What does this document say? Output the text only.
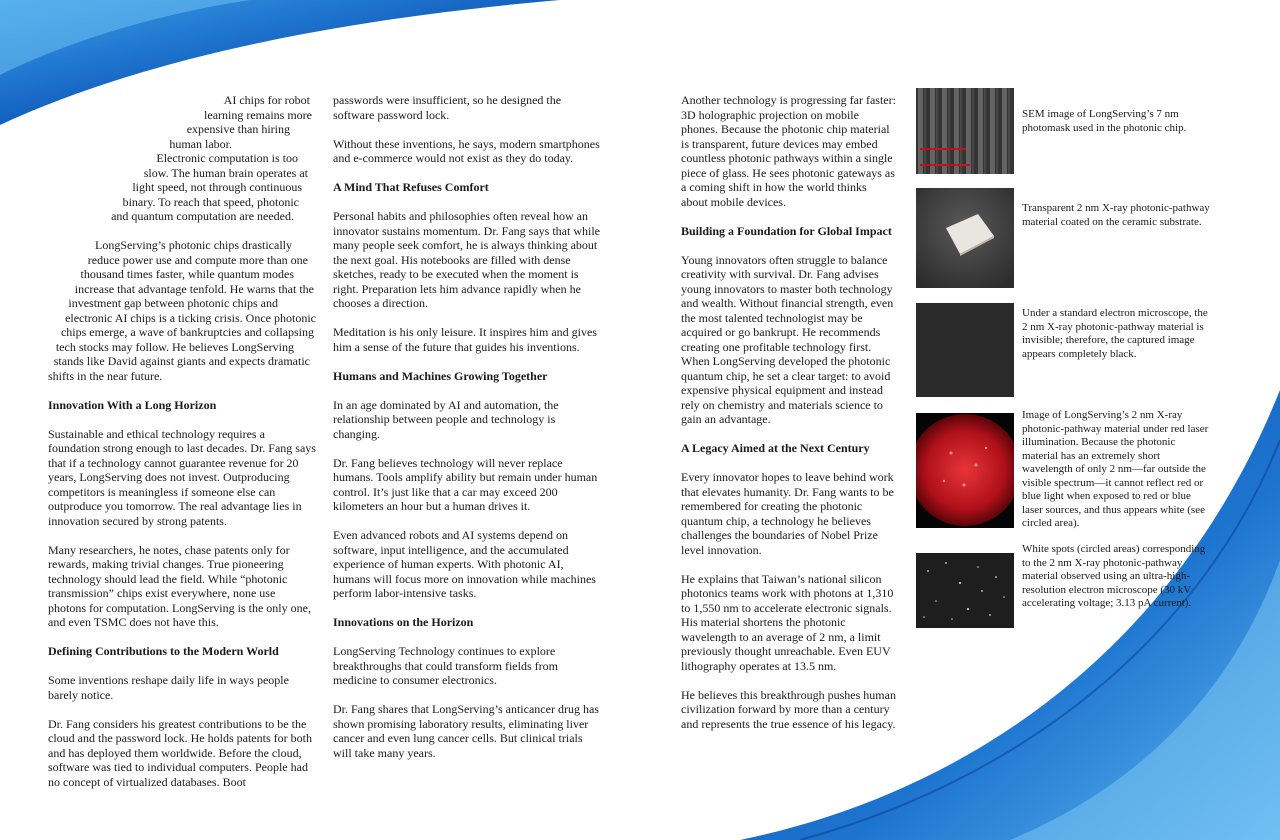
AI chips for robot
learning remains more
expensive than hiring
human labor.
Electronic computation is too
slow. The human brain operates at
light speed, not through continuous
binary. To reach that speed, photonic
and quantum computation are needed.

LongServing’s photonic chips drastically
reduce power use and compute more than one
thousand times faster, while quantum modes
increase that advantage tenfold. He warns that the
investment gap between photonic chips and
electronic AI chips is a ticking crisis. Once photonic
chips emerge, a wave of bankruptcies and collapsing
tech stocks may follow. He believes LongServing
stands like David against giants and expects dramatic
shifts in the near future.

Innovation With a Long Horizon

Sustainable and ethical technology requires a foundation strong enough to last decades. Dr. Fang says that if a technology cannot guarantee revenue for 20 years, LongServing does not invest. Outproducing competitors is meaningless if someone else can outproduce you tomorrow. The real advantage lies in innovation secured by strong patents.

Many researchers, he notes, chase patents only for rewards, making trivial changes. True pioneering technology should lead the field. While “photonic transmission” chips exist everywhere, none use photons for computation. LongServing is the only one, and even TSMC does not have this.

Defining Contributions to the Modern World

Some inventions reshape daily life in ways people barely notice.

Dr. Fang considers his greatest contributions to be the cloud and the password lock. He holds patents for both and has deployed them worldwide. Before the cloud, software was tied to individual computers. People had no concept of virtualized databases. Boot

passwords were insufficient, so he designed the software password lock.

Without these inventions, he says, modern smartphones and e-commerce would not exist as they do today.

A Mind That Refuses Comfort

Personal habits and philosophies often reveal how an innovator sustains momentum. Dr. Fang says that while many people seek comfort, he is always thinking about the next goal. His notebooks are filled with dense sketches, ready to be executed when the moment is right. Preparation lets him advance rapidly when he chooses a direction.

Meditation is his only leisure. It inspires him and gives him a sense of the future that guides his inventions.

Humans and Machines Growing Together

In an age dominated by AI and automation, the relationship between people and technology is changing.

Dr. Fang believes technology will never replace humans. Tools amplify ability but remain under human control. It’s just like that a car may exceed 200 kilometers an hour but a human drives it.

Even advanced robots and AI systems depend on software, input intelligence, and the accumulated experience of human experts. With photonic AI, humans will focus more on innovation while machines perform labor-intensive tasks.

Innovations on the Horizon

LongServing Technology continues to explore breakthroughs that could transform fields from medicine to consumer electronics.

Dr. Fang shares that LongServing’s anticancer drug has shown promising laboratory results, eliminating liver cancer and even lung cancer cells. But clinical trials will take many years.

Another technology is progressing far faster: 3D holographic projection on mobile phones. Because the photonic chip material is transparent, future devices may embed countless photonic pathways within a single piece of glass. He sees photonic gateways as a coming shift in how the world thinks about mobile devices.

Building a Foundation for Global Impact

Young innovators often struggle to balance creativity with survival. Dr. Fang advises young innovators to master both technology and wealth. Without financial strength, even the most talented technologist may be acquired or go bankrupt. He recommends creating one profitable technology first.

When LongServing developed the photonic quantum chip, he set a clear target: to avoid expensive physical equipment and instead rely on chemistry and materials science to gain an advantage.

A Legacy Aimed at the Next Century

Every innovator hopes to leave behind work that elevates humanity. Dr. Fang wants to be remembered for creating the photonic quantum chip, a technology he believes challenges the boundaries of Nobel Prize level innovation.

He explains that Taiwan’s national silicon photonics teams work with photons at 1,310 to 1,550 nm to accelerate electronic signals. His material shortens the photonic wavelength to an average of 2 nm, a limit previously thought unreachable. Even EUV lithography operates at 13.5 nm.

He believes this breakthrough pushes human civilization forward by more than a century and represents the true essence of his legacy.

SEM image of LongServing’s 7 nm photomask used in the photonic chip.
Transparent 2 nm X-ray photonic-pathway material coated on the ceramic substrate.
Under a standard electron microscope, the 2 nm X-ray photonic-pathway material is invisible; therefore, the captured image appears completely black.
Image of LongServing’s 2 nm X-ray photonic-pathway material under red laser illumination. Because the photonic material has an extremely short wavelength of only 2 nm—far outside the visible spectrum—it cannot reflect red or blue light when exposed to red or blue laser sources, and thus appears white (see circled area).
White spots (circled areas) corresponding to the 2 nm X-ray photonic-pathway material observed using an ultra-high-resolution electron microscope (30 kV accelerating voltage; 3.13 pA current).
